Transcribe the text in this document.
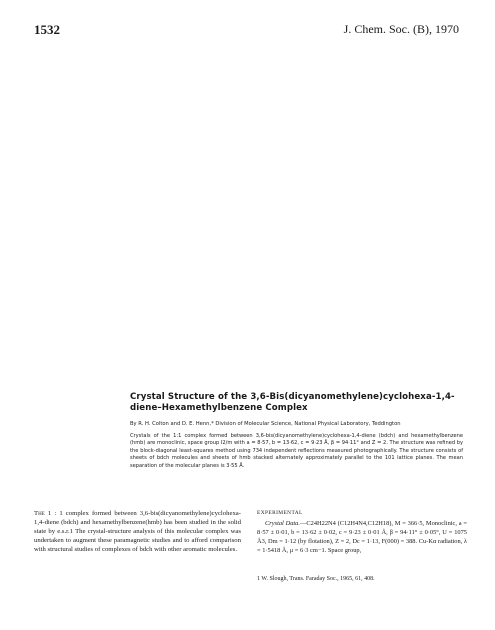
1532	J. Chem. Soc. (B), 1970
Crystal Structure of the 3,6-Bis(dicyanomethylene)cyclohexa-1,4-diene–Hexamethylbenzene Complex
By R. H. Colton and D. E. Henn,* Division of Molecular Science, National Physical Laboratory, Teddington
Crystals of the 1:1 complex formed between 3,6-bis(dicyanomethylene)cyclohexa-1,4-diene (bdch) and hexamethylbenzene (hmb) are monoclinic, space group I2/m with a = 8·57, b = 13·62, c = 9·23 Å, β = 94·11° and Z = 2. The structure was refined by the block-diagonal least-squares method using 734 independent reflections measured photographically. The structure consists of sheets of bdch molecules and sheets of hmb stacked alternately approximately parallel to the 101 lattice planes. The mean separation of the molecular planes is 3·55 Å.
The 1 : 1 complex formed between 3,6-bis(dicyanomethylene)cyclohexa-1,4-diene (bdch) and hexamethylbenzene(hmb) has been studied in the solid state by e.s.r.1 The crystal-structure analysis of this molecular complex was undertaken to augment these paramagnetic studies and to afford comparison with structural studies of complexes of bdch with other aromatic molecules.
EXPERIMENTAL
Crystal Data.—C24H22N4 (C12H4N4,C12H18), M = 366·5, Monoclinic, a = 8·57 ± 0·01, b = 13·62 ± 0·02, c = 9·23 ± 0·01 Å, β = 94·11° ± 0·05°, U = 1075 Å3, Dm = 1·12 (by flotation), Z = 2, Dc = 1·13, F(000) = 388. Cu-Kα radiation, λ = 1·5418 Å, μ = 6·3 cm−1. Space group,
1 W. Slough, Trans. Faraday Soc., 1965, 61, 408.
